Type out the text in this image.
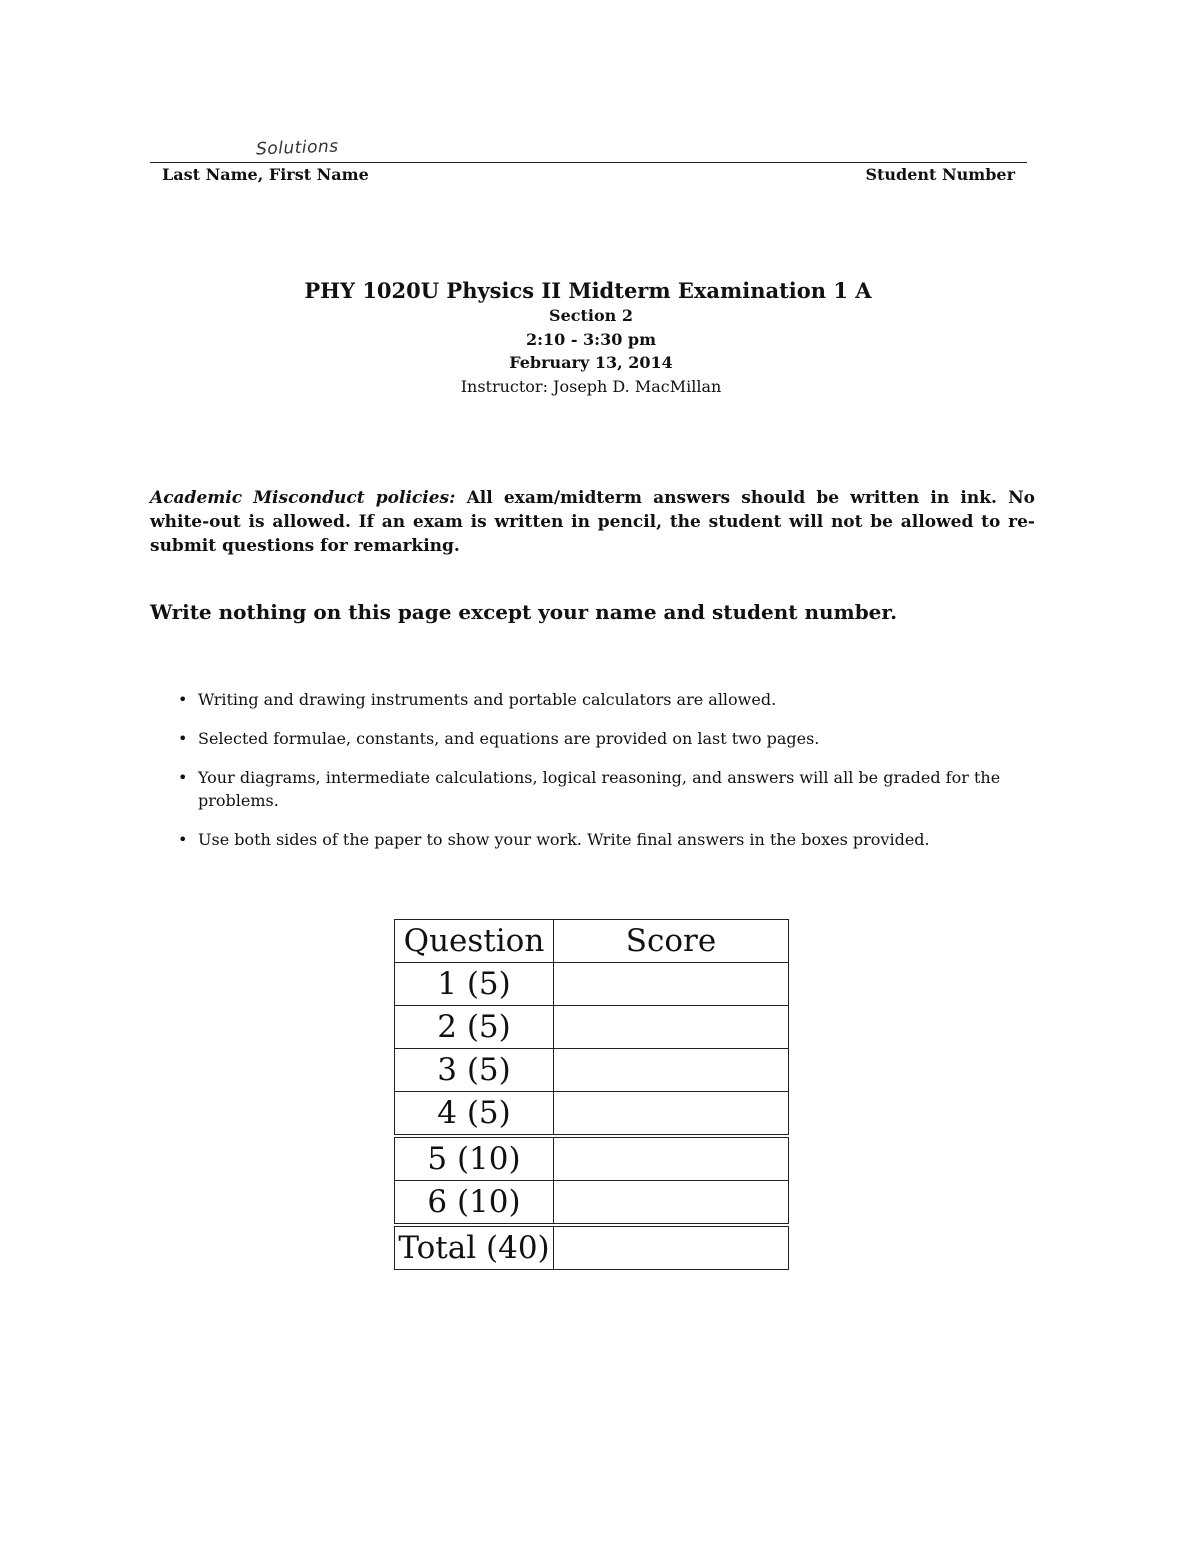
Solutions
Last Name, First Name	Student Number
PHY 1020U Physics II Midterm Examination 1 A
Section 2
2:10 - 3:30 pm
February 13, 2014
Instructor: Joseph D. MacMillan
Academic Misconduct policies: All exam/midterm answers should be written in ink. No white-out is allowed. If an exam is written in pencil, the student will not be allowed to re-submit questions for remarking.
Write nothing on this page except your name and student number.
• Writing and drawing instruments and portable calculators are allowed.
• Selected formulae, constants, and equations are provided on last two pages.
• Your diagrams, intermediate calculations, logical reasoning, and answers will all be graded for the problems.
• Use both sides of the paper to show your work. Write final answers in the boxes provided.
Question	Score
1 (5)	
2 (5)	
3 (5)	
4 (5)	
5 (10)	
6 (10)	
Total (40)	
